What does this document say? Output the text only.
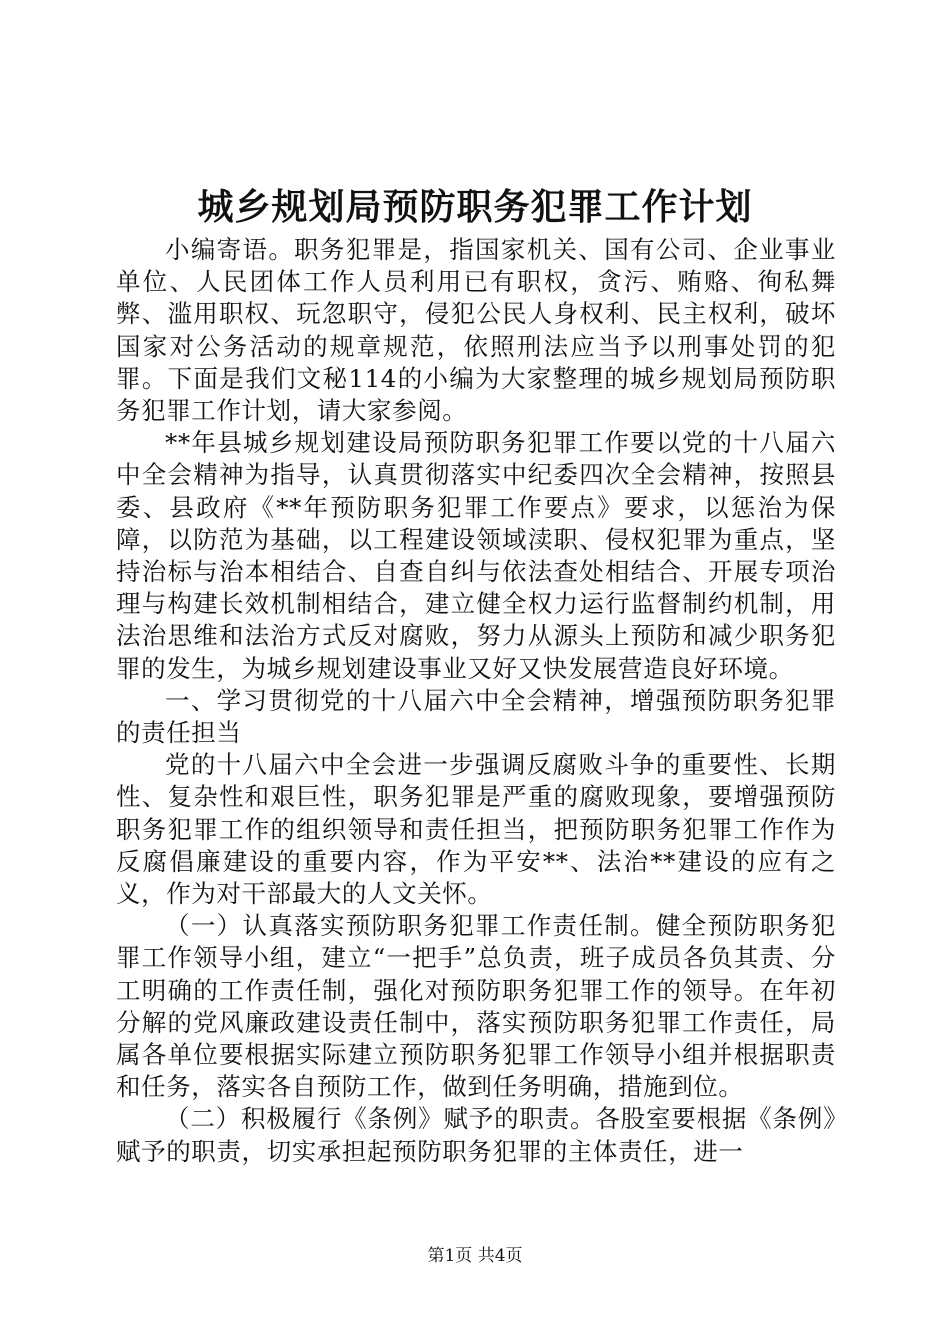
城乡规划局预防职务犯罪工作计划

小编寄语。职务犯罪是，指国家机关、国有公司、企业事业单位、人民团体工作人员利用已有职权，贪污、贿赂、徇私舞弊、滥用职权、玩忽职守，侵犯公民人身权利、民主权利，破坏国家对公务活动的规章规范，依照刑法应当予以刑事处罚的犯罪。下面是我们文秘114的小编为大家整理的城乡规划局预防职务犯罪工作计划，请大家参阅。

**年县城乡规划建设局预防职务犯罪工作要以党的十八届六中全会精神为指导，认真贯彻落实中纪委四次全会精神，按照县委、县政府《**年预防职务犯罪工作要点》要求，以惩治为保障，以防范为基础，以工程建设领域渎职、侵权犯罪为重点，坚持治标与治本相结合、自查自纠与依法查处相结合、开展专项治理与构建长效机制相结合，建立健全权力运行监督制约机制，用法治思维和法治方式反对腐败，努力从源头上预防和减少职务犯罪的发生，为城乡规划建设事业又好又快发展营造良好环境。

一、学习贯彻党的十八届六中全会精神，增强预防职务犯罪的责任担当

党的十八届六中全会进一步强调反腐败斗争的重要性、长期性、复杂性和艰巨性，职务犯罪是严重的腐败现象，要增强预防职务犯罪工作的组织领导和责任担当，把预防职务犯罪工作作为反腐倡廉建设的重要内容，作为平安**、法治**建设的应有之义，作为对干部最大的人文关怀。

（一）认真落实预防职务犯罪工作责任制。健全预防职务犯罪工作领导小组，建立“一把手”总负责，班子成员各负其责、分工明确的工作责任制，强化对预防职务犯罪工作的领导。在年初分解的党风廉政建设责任制中，落实预防职务犯罪工作责任，局属各单位要根据实际建立预防职务犯罪工作领导小组并根据职责和任务，落实各自预防工作，做到任务明确，措施到位。

（二）积极履行《条例》赋予的职责。各股室要根据《条例》赋予的职责，切实承担起预防职务犯罪的主体责任，进一

第1页 共4页
